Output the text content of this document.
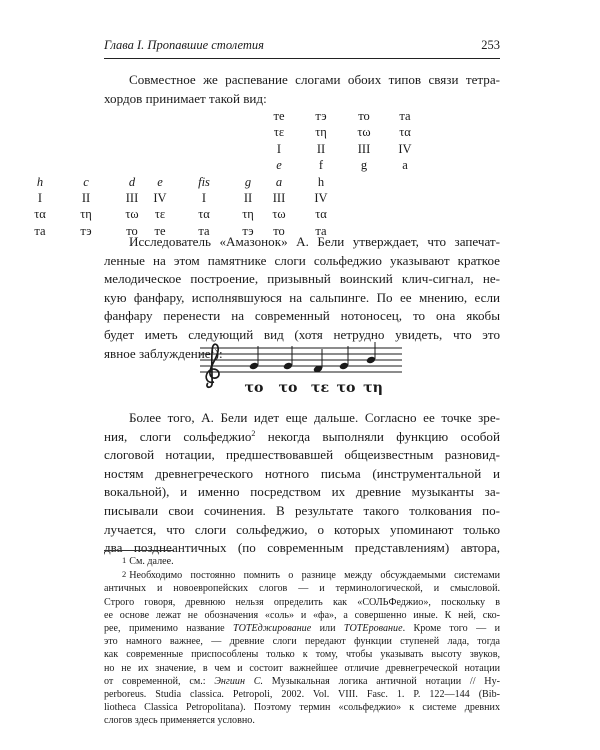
Глава I. Пропавшие столетия	253

Совместное же распевание слогами обоих типов связи тетра-
хордов принимает такой вид:

те	тэ	то	та
τε	τη	τω	τα
I	II	III	IV
e	f	g	a
h	c	d	e	fis	g	a	h
I	II	III	IV	I	II	III	IV
τα	τη	τω	τε	τα	τη	τω	τα
та	тэ	то	те	та	тэ	то	та

Исследователь «Амазонок» А. Бели утверждает, что запечат-
ленные на этом памятнике слоги сольфеджио указывают краткое
мелодическое построение, призывный воинский клич-сигнал, не-
кую фанфару, исполнявшуюся на сальпинге. По ее мнению, если
фанфару перенести на современный нотоносец, то она якобы
будет иметь следующий вид (хотя нетрудно увидеть, что это
явное заблуждение$^1$):

το το τε το τη

Более того, А. Бели идет еще дальше. Согласно ее точке зре-
ния, слоги сольфеджио$^2$ некогда выполняли функцию особой
слоговой нотации, предшествовавшей общеизвестным разновид-
ностям древнегреческого нотного письма (инструментальной и
вокальной), и именно посредством их древние музыканты за-
писывали свои сочинения. В результате такого толкования по-
лучается, что слоги сольфеджио, о которых упоминают только
два позднеантичных (по современным представлениям) автора,

1 См. далее.
2 Необходимо постоянно помнить о разнице между обсуждаемыми системами
античных и новоевропейских слогов — и терминологической, и смысловой.
Строго говоря, древнюю нельзя определить как «СОЛЬФеджио», поскольку в
ее основе лежат не обозначения «соль» и «фа», а совершенно иные. К ней, ско-
рее, применимо название ТОТЕджирование или ТОТЕрование. Кроме того — и
это намного важнее, — древние слоги передают функции ступеней лада, тогда
как современные приспособлены только к тому, чтобы указывать высоту звуков,
но не их значение, в чем и состоит важнейшее отличие древнегреческой нотации
от современной, см.: Энгиин С. Музыкальная логика античной нотации // Hy-
perboreus. Studia classica. Petropoli, 2002. Vol. VIII. Fasc. 1. P. 122—144 (Bib-
liotheca Classica Petropolitana). Поэтому термин «сольфеджио» к системе древних
слогов здесь применяется условно.
